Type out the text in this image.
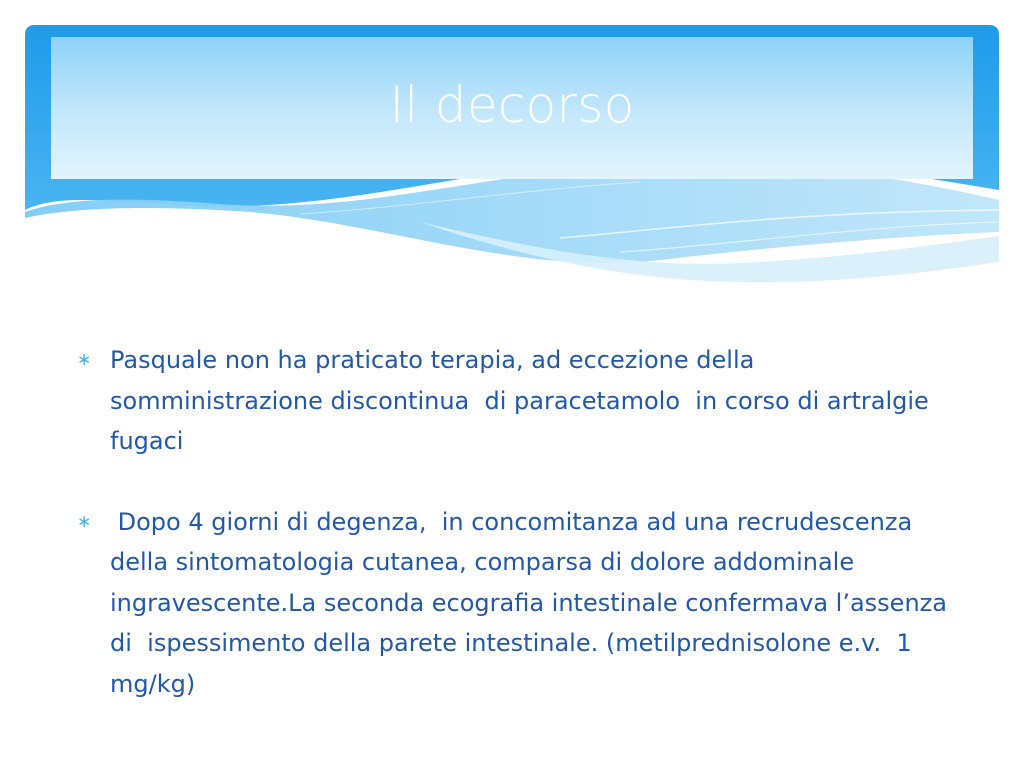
Il decorso
∗ Pasquale non ha praticato terapia, ad eccezione della somministrazione discontinua  di paracetamolo  in corso di artralgie fugaci
∗ Dopo 4 giorni di degenza,  in concomitanza ad una recrudescenza della sintomatologia cutanea, comparsa di dolore addominale ingravescente.La seconda ecografia intestinale confermava l’assenza di  ispessimento della parete intestinale. (metilprednisolone e.v.  1 mg/kg)
